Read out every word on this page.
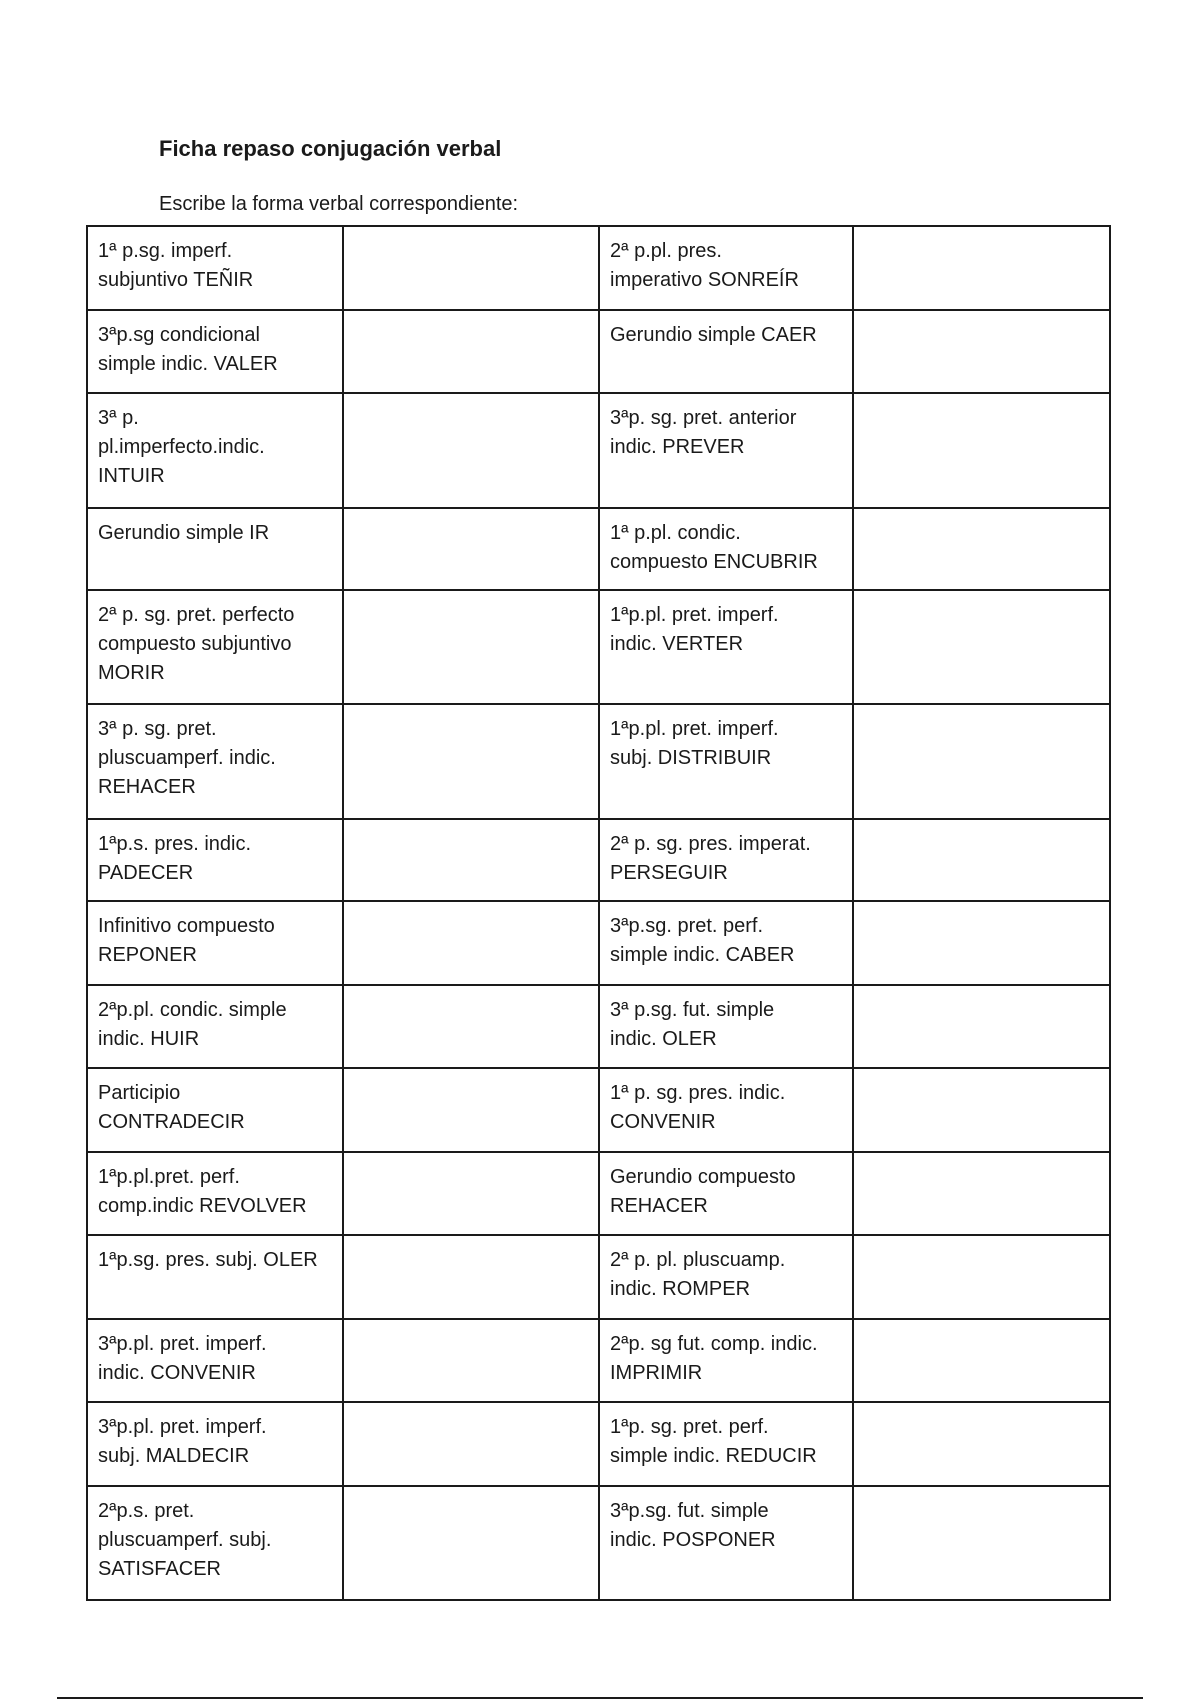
Ficha repaso conjugación verbal
Escribe la forma verbal correspondiente:
1ª p.sg. imperf.
subjuntivo TEÑIR		2ª p.pl. pres.
imperativo SONREÍR	

3ªp.sg condicional
simple indic. VALER		Gerundio simple CAER	

3ª p.
pl.imperfecto.indic.
INTUIR		3ªp. sg. pret. anterior
indic. PREVER	

Gerundio simple IR		1ª p.pl. condic.
compuesto ENCUBRIR	

2ª p. sg. pret. perfecto
compuesto subjuntivo
MORIR		1ªp.pl. pret. imperf.
indic. VERTER	

3ª p. sg. pret.
pluscuamperf. indic.
REHACER		1ªp.pl. pret. imperf.
subj. DISTRIBUIR	

1ªp.s. pres. indic.
PADECER		2ª p. sg. pres. imperat.
PERSEGUIR	

Infinitivo compuesto
REPONER		3ªp.sg. pret. perf.
simple indic. CABER	

2ªp.pl. condic. simple
indic. HUIR		3ª p.sg. fut. simple
indic. OLER	

Participio
CONTRADECIR		1ª p. sg. pres. indic.
CONVENIR	

1ªp.pl.pret. perf.
comp.indic REVOLVER		Gerundio compuesto
REHACER	

1ªp.sg. pres. subj. OLER		2ª p. pl. pluscuamp.
indic. ROMPER	

3ªp.pl. pret. imperf.
indic. CONVENIR		2ªp. sg fut. comp. indic.
IMPRIMIR	

3ªp.pl. pret. imperf.
subj. MALDECIR		1ªp. sg. pret. perf.
simple indic. REDUCIR	

2ªp.s. pret.
pluscuamperf. subj.
SATISFACER		3ªp.sg. fut. simple
indic. POSPONER	
